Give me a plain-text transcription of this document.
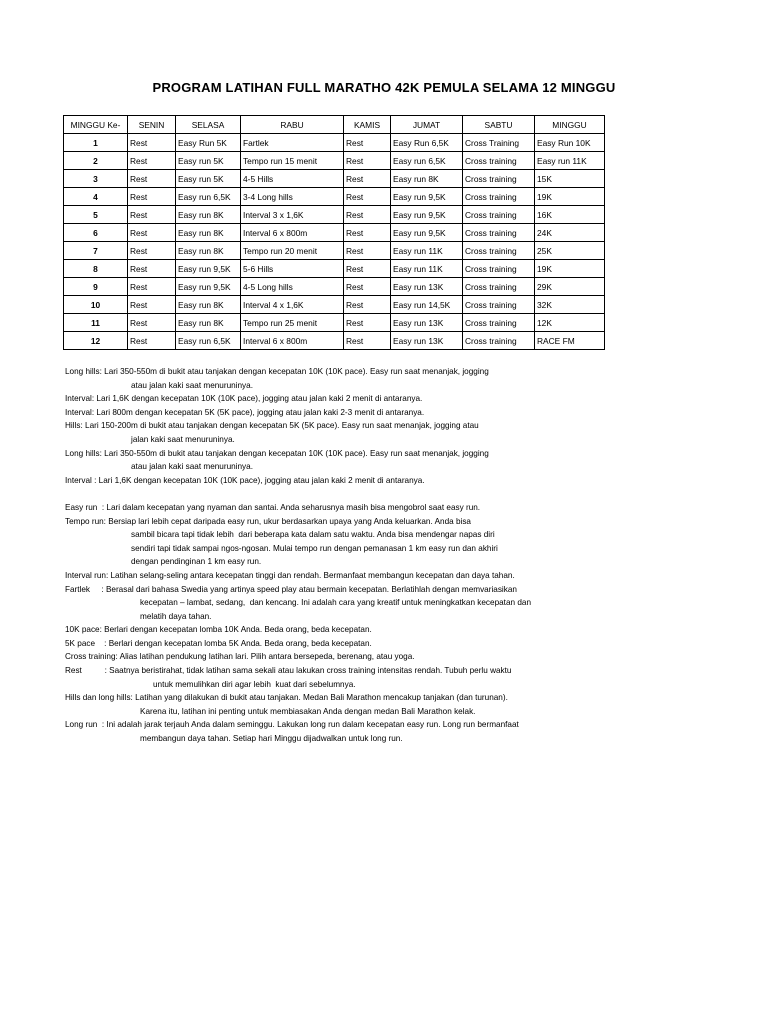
PROGRAM LATIHAN FULL MARATHO 42K PEMULA SELAMA 12 MINGGU
MINGGU Ke-	SENIN	SELASA	RABU	KAMIS	JUMAT	SABTU	MINGGU
1	Rest	Easy Run 5K	Fartlek	Rest	Easy Run 6,5K	Cross Training	Easy Run 10K
2	Rest	Easy run 5K	Tempo run 15 menit	Rest	Easy run 6,5K	Cross training	Easy run 11K
3	Rest	Easy run 5K	4-5 Hills	Rest	Easy run 8K	Cross training	15K
4	Rest	Easy run 6,5K	3-4 Long hills	Rest	Easy run 9,5K	Cross training	19K
5	Rest	Easy run 8K	Interval 3 x 1,6K	Rest	Easy run 9,5K	Cross training	16K
6	Rest	Easy run 8K	Interval 6 x 800m	Rest	Easy run 9,5K	Cross training	24K
7	Rest	Easy run 8K	Tempo run 20 menit	Rest	Easy run 11K	Cross training	25K
8	Rest	Easy run 9,5K	5-6 Hills	Rest	Easy run 11K	Cross training	19K
9	Rest	Easy run 9,5K	4-5 Long hills	Rest	Easy run 13K	Cross training	29K
10	Rest	Easy run 8K	Interval 4 x 1,6K	Rest	Easy run 14,5K	Cross training	32K
11	Rest	Easy run 8K	Tempo run 25 menit	Rest	Easy run 13K	Cross training	12K
12	Rest	Easy run 6,5K	Interval 6 x 800m	Rest	Easy run 13K	Cross training	RACE FM

Long hills: Lari 350-550m di bukit atau tanjakan dengan kecepatan 10K (10K pace). Easy run saat menanjak, jogging

atau jalan kaki saat menuruninya.

Interval: Lari 1,6K dengan kecepatan 10K (10K pace), jogging atau jalan kaki 2 menit di antaranya.

Interval: Lari 800m dengan kecepatan 5K (5K pace), jogging atau jalan kaki 2-3 menit di antaranya.

Hills: Lari 150-200m di bukit atau tanjakan dengan kecepatan 5K (5K pace). Easy run saat menanjak, jogging atau

jalan kaki saat menuruninya.

Long hills: Lari 350-550m di bukit atau tanjakan dengan kecepatan 10K (10K pace). Easy run saat menanjak, jogging

atau jalan kaki saat menuruninya.

Interval : Lari 1,6K dengan kecepatan 10K (10K pace), jogging atau jalan kaki 2 menit di antaranya.

Easy run  : Lari dalam kecepatan yang nyaman dan santai. Anda seharusnya masih bisa mengobrol saat easy run.

Tempo run: Bersiap lari lebih cepat daripada easy run, ukur berdasarkan upaya yang Anda keluarkan. Anda bisa

sambil bicara tapi tidak lebih  dari beberapa kata dalam satu waktu. Anda bisa mendengar napas diri

sendiri tapi tidak sampai ngos-ngosan. Mulai tempo run dengan pemanasan 1 km easy run dan akhiri

dengan pendinginan 1 km easy run.

Interval run: Latihan selang-seling antara kecepatan tinggi dan rendah. Bermanfaat membangun kecepatan dan daya tahan.

Fartlek     : Berasal dari bahasa Swedia yang artinya speed play atau bermain kecepatan. Berlatihlah dengan memvariasikan

kecepatan – lambat, sedang,  dan kencang. Ini adalah cara yang kreatif untuk meningkatkan kecepatan dan

melatih daya tahan.

10K pace: Berlari dengan kecepatan lomba 10K Anda. Beda orang, beda kecepatan.

5K pace    : Berlari dengan kecepatan lomba 5K Anda. Beda orang, beda kecepatan.

Cross training: Alias latihan pendukung latihan lari. Pilih antara bersepeda, berenang, atau yoga.

Rest          : Saatnya beristirahat, tidak latihan sama sekali atau lakukan cross training intensitas rendah. Tubuh perlu waktu

untuk memulihkan diri agar lebih  kuat dari sebelumnya.

Hills dan long hills: Latihan yang dilakukan di bukit atau tanjakan. Medan Bali Marathon mencakup tanjakan (dan turunan).

Karena itu, latihan ini penting untuk membiasakan Anda dengan medan Bali Marathon kelak.

Long run  : Ini adalah jarak terjauh Anda dalam seminggu. Lakukan long run dalam kecepatan easy run. Long run bermanfaat

membangun daya tahan. Setiap hari Minggu dijadwalkan untuk long run.
